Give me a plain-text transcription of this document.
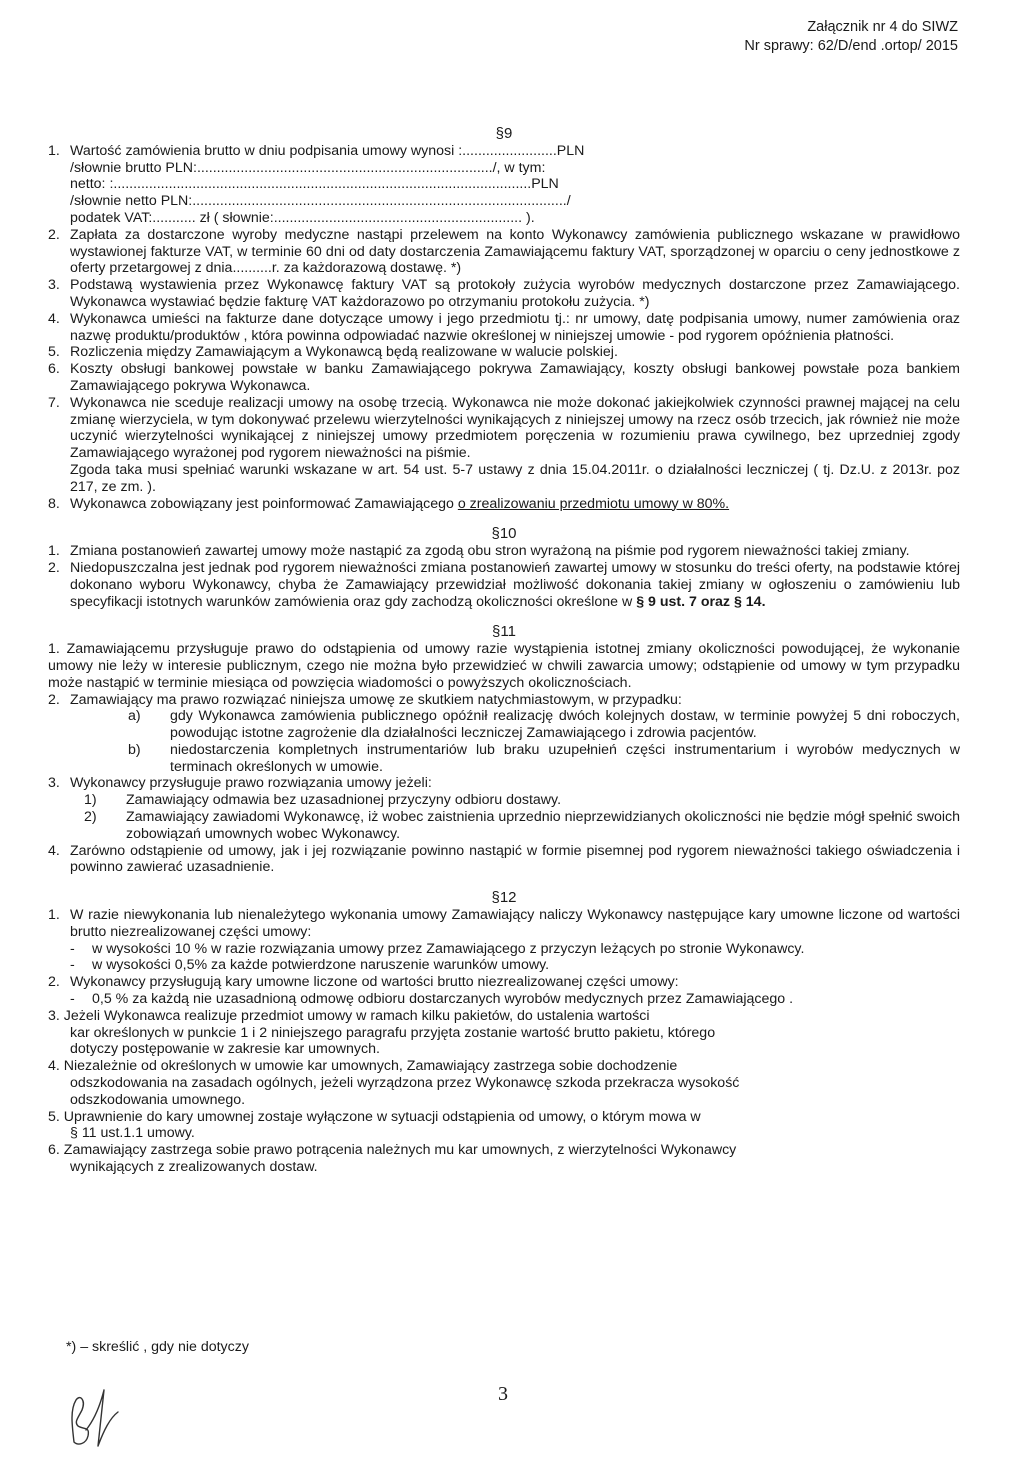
Załącznik nr 4 do SIWZ
Nr sprawy: 62/D/end .ortop/ 2015
§9
1. Wartość zamówienia brutto w dniu podpisania umowy wynosi :........................PLN
/słownie brutto PLN:.........................................................................../, w tym:
netto: :..........................................................................................................PLN
/słownie netto PLN:.............................................................................................../
podatek VAT:........... zł ( słownie:............................................................... ).
2. Zapłata za dostarczone wyroby medyczne nastąpi przelewem na konto Wykonawcy zamówienia publicznego wskazane w prawidłowo wystawionej fakturze VAT, w terminie 60 dni od daty dostarczenia Zamawiającemu faktury VAT, sporządzonej w oparciu o ceny jednostkowe z oferty przetargowej z dnia..........r. za każdorazową dostawę. *)
3. Podstawą wystawienia przez Wykonawcę faktury VAT są protokoły zużycia wyrobów medycznych dostarczone przez Zamawiającego. Wykonawca wystawiać będzie fakturę VAT każdorazowo po otrzymaniu protokołu zużycia. *)
4. Wykonawca umieści na fakturze dane dotyczące umowy i jego przedmiotu tj.: nr umowy, datę podpisania umowy, numer zamówienia oraz nazwę produktu/produktów , która powinna odpowiadać nazwie określonej w niniejszej umowie - pod rygorem opóźnienia płatności.
5. Rozliczenia między Zamawiającym a Wykonawcą będą realizowane w walucie polskiej.
6. Koszty obsługi bankowej powstałe w banku Zamawiającego pokrywa Zamawiający, koszty obsługi bankowej powstałe poza bankiem Zamawiającego pokrywa Wykonawca.
7. Wykonawca nie sceduje realizacji umowy na osobę trzecią. Wykonawca nie może dokonać jakiejkolwiek czynności prawnej mającej na celu zmianę wierzyciela, w tym dokonywać przelewu wierzytelności wynikających z niniejszej umowy na rzecz osób trzecich, jak również nie może uczynić wierzytelności wynikającej z niniejszej umowy przedmiotem poręczenia w rozumieniu prawa cywilnego, bez uprzedniej zgody Zamawiającego wyrażonej pod rygorem nieważności na piśmie.
Zgoda taka musi spełniać warunki wskazane w art. 54 ust. 5-7 ustawy z dnia 15.04.2011r. o działalności leczniczej ( tj. Dz.U. z 2013r. poz 217, ze zm. ).
8. Wykonawca zobowiązany jest poinformować Zamawiającego o zrealizowaniu przedmiotu umowy w 80%.
§10
1. Zmiana postanowień zawartej umowy może nastąpić za zgodą obu stron wyrażoną na piśmie pod rygorem nieważności takiej zmiany.
2. Niedopuszczalna jest jednak pod rygorem nieważności zmiana postanowień zawartej umowy w stosunku do treści oferty, na podstawie której dokonano wyboru Wykonawcy, chyba że Zamawiający przewidział możliwość dokonania takiej zmiany w ogłoszeniu o zamówieniu lub specyfikacji istotnych warunków zamówienia oraz gdy zachodzą okoliczności określone w § 9 ust. 7 oraz § 14.
§11
1. Zamawiającemu przysługuje prawo do odstąpienia od umowy razie wystąpienia istotnej zmiany okoliczności powodującej, że wykonanie umowy nie leży w interesie publicznym, czego nie można było przewidzieć w chwili zawarcia umowy; odstąpienie od umowy w tym przypadku może nastąpić w terminie miesiąca od powzięcia wiadomości o powyższych okolicznościach.
2. Zamawiający ma prawo rozwiązać niniejsza umowę ze skutkiem natychmiastowym, w przypadku:
a)	gdy Wykonawca zamówienia publicznego opóźnił realizację dwóch kolejnych dostaw, w terminie powyżej 5 dni roboczych, powodując istotne zagrożenie dla działalności leczniczej Zamawiającego i zdrowia pacjentów.
b)	niedostarczenia kompletnych instrumentariów lub braku uzupełnień części instrumentarium i wyrobów medycznych w terminach określonych w umowie.
3. Wykonawcy przysługuje prawo rozwiązania umowy jeżeli:
1)	Zamawiający odmawia bez uzasadnionej przyczyny odbioru dostawy.
2)	Zamawiający zawiadomi Wykonawcę, iż wobec zaistnienia uprzednio nieprzewidzianych okoliczności nie będzie mógł spełnić swoich zobowiązań umownych wobec Wykonawcy.
4. Zarówno odstąpienie od umowy, jak i jej rozwiązanie powinno nastąpić w formie pisemnej pod rygorem nieważności takiego oświadczenia i powinno zawierać uzasadnienie.
§12
1. W razie niewykonania lub nienależytego wykonania umowy Zamawiający naliczy Wykonawcy następujące kary umowne liczone od wartości brutto niezrealizowanej części umowy:
-	w wysokości 10 % w razie rozwiązania umowy przez Zamawiającego z przyczyn leżących po stronie Wykonawcy.
-	w wysokości 0,5% za każde potwierdzone naruszenie warunków umowy.
2. Wykonawcy przysługują kary umowne liczone od wartości brutto niezrealizowanej części umowy:
-	0,5 % za każdą nie uzasadnioną odmowę odbioru dostarczanych wyrobów medycznych przez Zamawiającego .
3. Jeżeli Wykonawca realizuje przedmiot umowy w ramach kilku pakietów, do ustalenia wartości
kar określonych w punkcie 1 i 2 niniejszego paragrafu przyjęta zostanie wartość brutto pakietu, którego
dotyczy postępowanie w zakresie kar umownych.
4. Niezależnie od określonych w umowie kar umownych, Zamawiający zastrzega sobie dochodzenie
odszkodowania na zasadach ogólnych, jeżeli wyrządzona przez Wykonawcę szkoda przekracza wysokość
odszkodowania umownego.
5. Uprawnienie do kary umownej zostaje wyłączone w sytuacji odstąpienia od umowy, o którym mowa w
§ 11 ust.1.1 umowy.
6. Zamawiający zastrzega sobie prawo potrącenia należnych mu kar umownych, z wierzytelności Wykonawcy
wynikających z zrealizowanych dostaw.
*) – skreślić , gdy nie dotyczy
3
